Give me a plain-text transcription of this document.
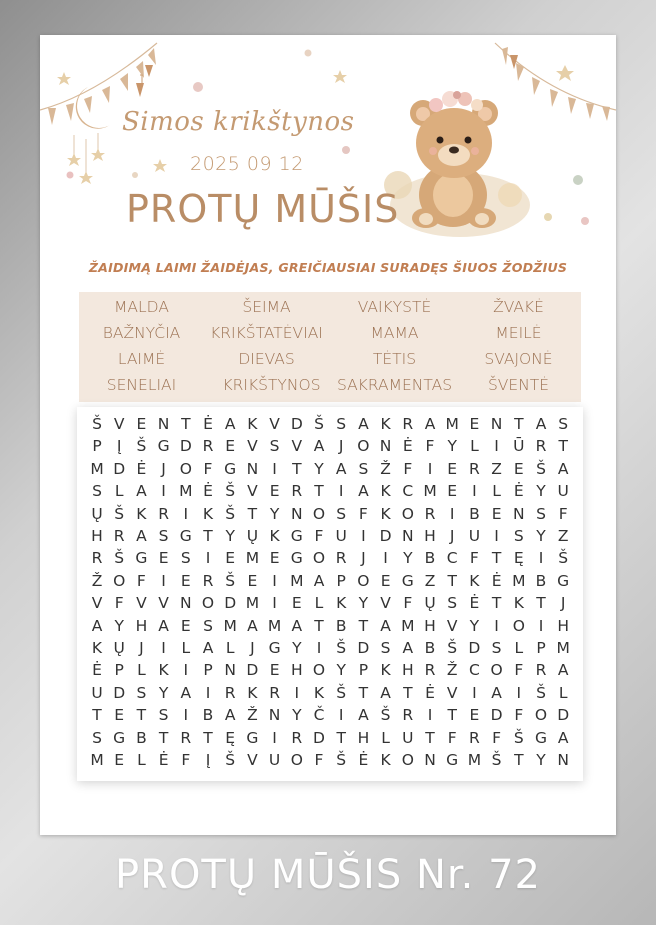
Simos krikštynos
2025 09 12
PROTŲ MŪŠIS
ŽAIDIMĄ LAIMI ŽAIDĖJAS, GREIČIAUSIAI SURADĘS ŠIUOS ŽODŽIUS
MALDA	ŠEIMA	VAIKYSTĖ	ŽVAKĖ
BAŽNYČIA	KRIKŠTATĖVIAI	MAMA	MEILĖ
LAIMĖ	DIEVAS	TĖTIS	SVAJONĖ
SENELIAI	KRIKŠTYNOS	SAKRAMENTAS	ŠVENTĖ
Š V E N T Ė A K V D Š S A K R A M E N T A S
P Į Š G D R E V S V A J O N Ė F Y L	I Ū R T
M D Ė J O F G N I T Y A S Ž F I E R Z E Š A
S L A I M Ė Š V E R T I A K C M E I	L Ė Y U
Ų Š K R I K Š T Y N O S F K O R I B E N S F
H R A S G T Y Ų K G F U I D N H J U I S Y Z
R Š G E S I E M E G O R J	I Y B C F T Ę I Š
Ž O F I E R Š E I M A P O E G Z T K Ė M B G
V F V V N O D M I E L K Y V F Ų S Ė T K T J
A Y H A E S M A M A T B T A M H V Y I O I H
K Ų J	I	L A L	J G Y I Š D S A B Š D S L P M
Ė P L K I P N D E H O Y P K H R Ž C O F R A
U D S Y A I R K R I K Š T A T Ė V I A I Š L
T E T S I B A Ž N Y Č I A Š R I T E D F O D
S G B T R T Ę G I R D T H L U T F R F Š G A
M E L Ė F Į Š V U O F Š Ė K O N G M Š T Y N
PROTŲ MŪŠIS Nr. 72
